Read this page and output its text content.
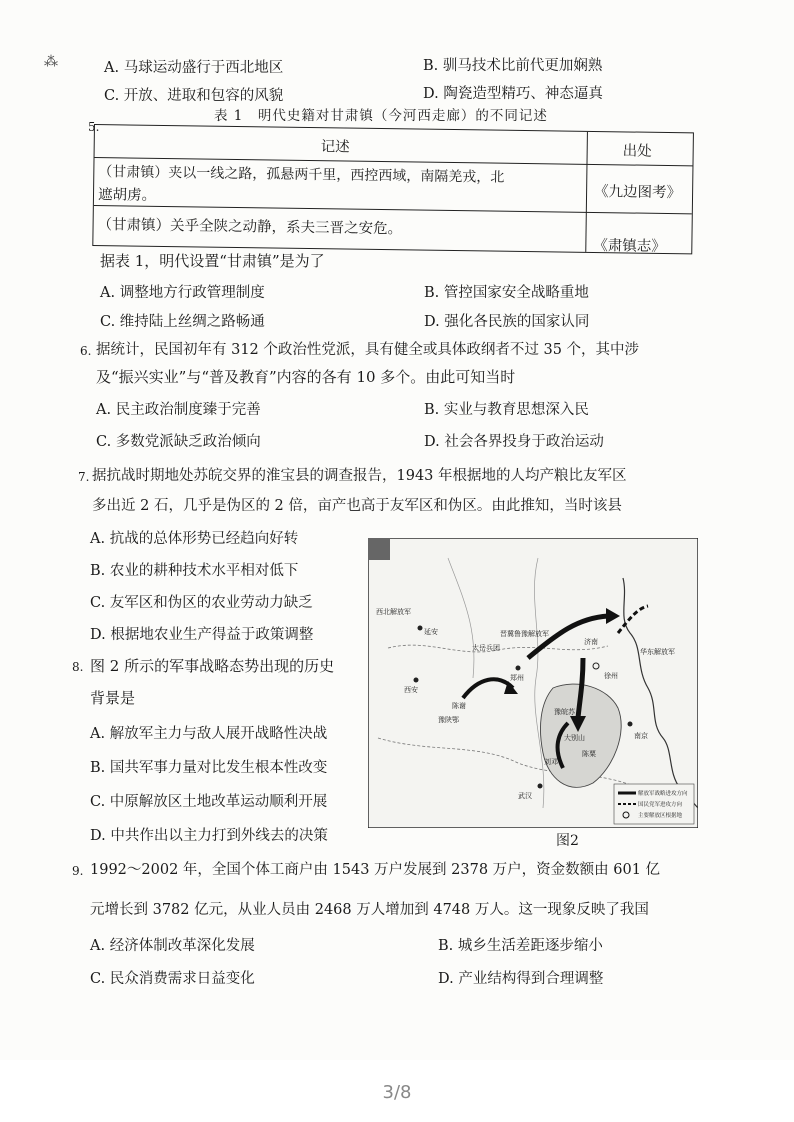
⁂	A. 马球运动盛行于西北地区	B. 驯马技术比前代更加娴熟
C. 开放、进取和包容的风貌	D. 陶瓷造型精巧、神态逼真
5.
表 1　明代史籍对甘肃镇（今河西走廊）的不同记述
记述	出处
（甘肃镇）夹以一线之路，孤悬两千里，西控西域，南隔羌戎，北
遮胡虏。	《九边图考》
（甘肃镇）关乎全陕之动静，系夫三晋之安危。
《肃镇志》
据表 1，明代设置“甘肃镇”是为了
A. 调整地方行政管理制度	B. 管控国家安全战略重地
C. 维持陆上丝绸之路畅通	D. 强化各民族的国家认同
6. 据统计，民国初年有 312 个政治性党派，具有健全或具体政纲者不过 35 个，其中涉
及“振兴实业”与“普及教育”内容的各有 10 多个。由此可知当时
A. 民主政治制度臻于完善	B. 实业与教育思想深入民
C. 多数党派缺乏政治倾向	D. 社会各界投身于政治运动
7. 据抗战时期地处苏皖交界的淮宝县的调查报告，1943 年根据地的人均产粮比友军区
多出近 2 石，几乎是伪区的 2 倍，亩产也高于友军区和伪区。由此推知，当时该县
A. 抗战的总体形势已经趋向好转
B. 农业的耕种技术水平相对低下
C. 友军区和伪区的农业劳动力缺乏
D. 根据地农业生产得益于政策调整
8. 图 2 所示的军事战略态势出现的历史
背景是
A. 解放军主力与敌人展开战略性决战
B. 国共军事力量对比发生根本性改变
C. 中原解放区土地改革运动顺利开展
D. 中共作出以主力打到外线去的决策
西北解放军
延安
西安
太岳兵团
郑州
晋冀鲁豫解放军
华东解放军
济南
徐州
南京
武汉
陈谢
刘邓
陈粟
豫皖苏
豫陕鄂
大别山
解放军战略进攻方向
国民党军进攻方向
主要解放区根据地
图2
9. 1992～2002 年，全国个体工商户由 1543 万户发展到 2378 万户，资金数额由 601 亿
元增长到 3782 亿元，从业人员由 2468 万人增加到 4748 万人。这一现象反映了我国
A. 经济体制改革深化发展	B. 城乡生活差距逐步缩小
C. 民众消费需求日益变化	D. 产业结构得到合理调整
3/8
